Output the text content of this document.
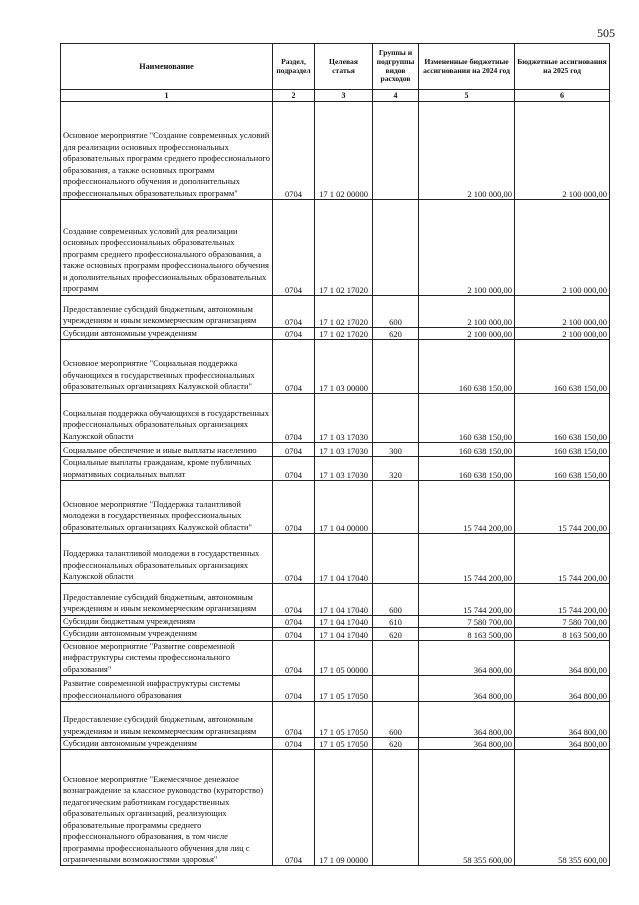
505
Наименование	Раздел, подраздел	Целевая статья	Группы и подгруппы видов расходов	Измененные бюджетные ассигнования на 2024 год	Бюджетные ассигнования на 2025 год
1	2	3	4	5	6
Основное мероприятие "Создание современных условий для реализации основных профессиональных образовательных программ среднего профессионального образования, а также основных программ профессионального обучения и дополнительных профессиональных образовательных программ"	0704	17 1 02 00000		2 100 000,00	2 100 000,00
Создание современных условий для реализации основных профессиональных образовательных программ среднего профессионального образования, а также основных программ профессионального обучения и дополнительных профессиональных образовательных программ	0704	17 1 02 17020		2 100 000,00	2 100 000,00
Предоставление субсидий бюджетным, автономным учреждениям и иным некоммерческим организациям	0704	17 1 02 17020	600	2 100 000,00	2 100 000,00
Субсидии автономным учреждениям	0704	17 1 02 17020	620	2 100 000,00	2 100 000,00
Основное мероприятие "Социальная поддержка обучающихся в государственных профессиональных образовательных организациях Калужской области"	0704	17 1 03 00000		160 638 150,00	160 638 150,00
Социальная поддержка обучающихся в государственных профессиональных образовательных организациях Калужской области	0704	17 1 03 17030		160 638 150,00	160 638 150,00
Социальное обеспечение и иные выплаты населению	0704	17 1 03 17030	300	160 638 150,00	160 638 150,00
Социальные выплаты гражданам, кроме публичных нормативных социальных выплат	0704	17 1 03 17030	320	160 638 150,00	160 638 150,00
Основное мероприятие "Поддержка талантливой молодежи в государственных профессиональных образовательных организациях Калужской области"	0704	17 1 04 00000		15 744 200,00	15 744 200,00
Поддержка талантливой молодежи в государственных профессиональных образовательных организациях Калужской области	0704	17 1 04 17040		15 744 200,00	15 744 200,00
Предоставление субсидий бюджетным, автономным учреждениям и иным некоммерческим организациям	0704	17 1 04 17040	600	15 744 200,00	15 744 200,00
Субсидии бюджетным учреждениям	0704	17 1 04 17040	610	7 580 700,00	7 580 700,00
Субсидии автономным учреждениям	0704	17 1 04 17040	620	8 163 500,00	8 163 500,00
Основное мероприятие "Развитие современной инфраструктуры системы профессионального образования"	0704	17 1 05 00000		364 800,00	364 800,00
Развитие современной инфраструктуры системы профессионального образования	0704	17 1 05 17050		364 800,00	364 800,00
Предоставление субсидий бюджетным, автономным учреждениям и иным некоммерческим организациям	0704	17 1 05 17050	600	364 800,00	364 800,00
Субсидии автономным учреждениям	0704	17 1 05 17050	620	364 800,00	364 800,00
Основное мероприятие "Ежемесячное денежное вознаграждение за классное руководство (кураторство) педагогическим работникам государственных образовательных организаций, реализующих образовательные программы среднего профессионального образования, в том числе программы профессионального обучения для лиц с ограниченными возможностями здоровья"	0704	17 1 09 00000		58 355 600,00	58 355 600,00
